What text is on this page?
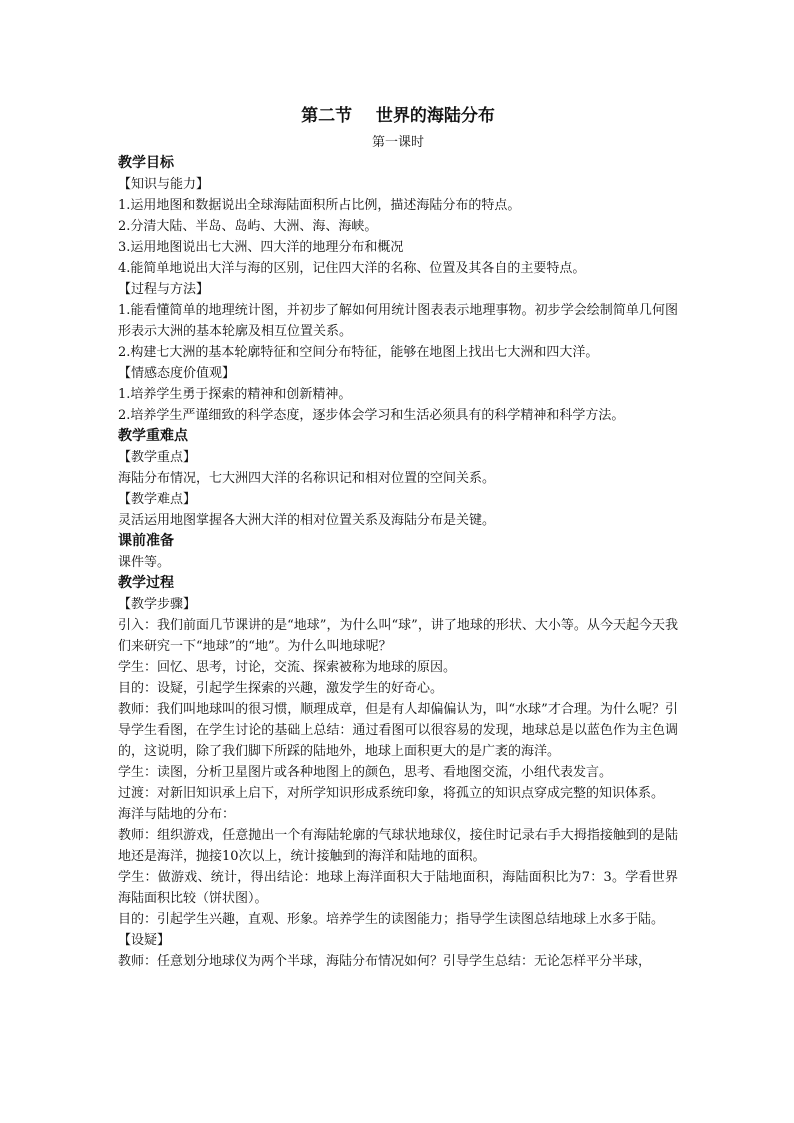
第二节    世界的海陆分布
第一课时
教学目标
【知识与能力】
1.运用地图和数据说出全球海陆面积所占比例，描述海陆分布的特点。
2.分清大陆、半岛、岛屿、大洲、海、海峡。
3.运用地图说出七大洲、四大洋的地理分布和概况
4.能简单地说出大洋与海的区别，记住四大洋的名称、位置及其各自的主要特点。
【过程与方法】
1.能看懂简单的地理统计图，并初步了解如何用统计图表表示地理事物。初步学会绘制简单几何图形表示大洲的基本轮廓及相互位置关系。
2.构建七大洲的基本轮廓特征和空间分布特征，能够在地图上找出七大洲和四大洋。
【情感态度价值观】
1.培养学生勇于探索的精神和创新精神。
2.培养学生严谨细致的科学态度，逐步体会学习和生活必须具有的科学精神和科学方法。
教学重难点
【教学重点】
海陆分布情况，七大洲四大洋的名称识记和相对位置的空间关系。
【教学难点】
灵活运用地图掌握各大洲大洋的相对位置关系及海陆分布是关键。
课前准备
课件等。
教学过程
【教学步骤】
引入：我们前面几节课讲的是“地球”，为什么叫“球”，讲了地球的形状、大小等。从今天起今天我们来研究一下“地球”的“地”。为什么叫地球呢？
学生：回忆、思考，讨论，交流、探索被称为地球的原因。
目的：设疑，引起学生探索的兴趣，激发学生的好奇心。
教师：我们叫地球叫的很习惯，顺理成章，但是有人却偏偏认为，叫“水球”才合理。为什么呢？引导学生看图，在学生讨论的基础上总结：通过看图可以很容易的发现，地球总是以蓝色作为主色调的，这说明，除了我们脚下所踩的陆地外，地球上面积更大的是广袤的海洋。
学生：读图，分析卫星图片或各种地图上的颜色，思考、看地图交流，小组代表发言。
过渡：对新旧知识承上启下，对所学知识形成系统印象，将孤立的知识点穿成完整的知识体系。
海洋与陆地的分布：
教师：组织游戏，任意抛出一个有海陆轮廓的气球状地球仪，接住时记录右手大拇指接触到的是陆地还是海洋，抛接10次以上，统计接触到的海洋和陆地的面积。
学生：做游戏、统计，得出结论：地球上海洋面积大于陆地面积，海陆面积比为7：3。学看世界海陆面积比较（饼状图）。
目的：引起学生兴趣，直观、形象。培养学生的读图能力；指导学生读图总结地球上水多于陆。
【设疑】
教师：任意划分地球仪为两个半球，海陆分布情况如何？引导学生总结：无论怎样平分半球，
